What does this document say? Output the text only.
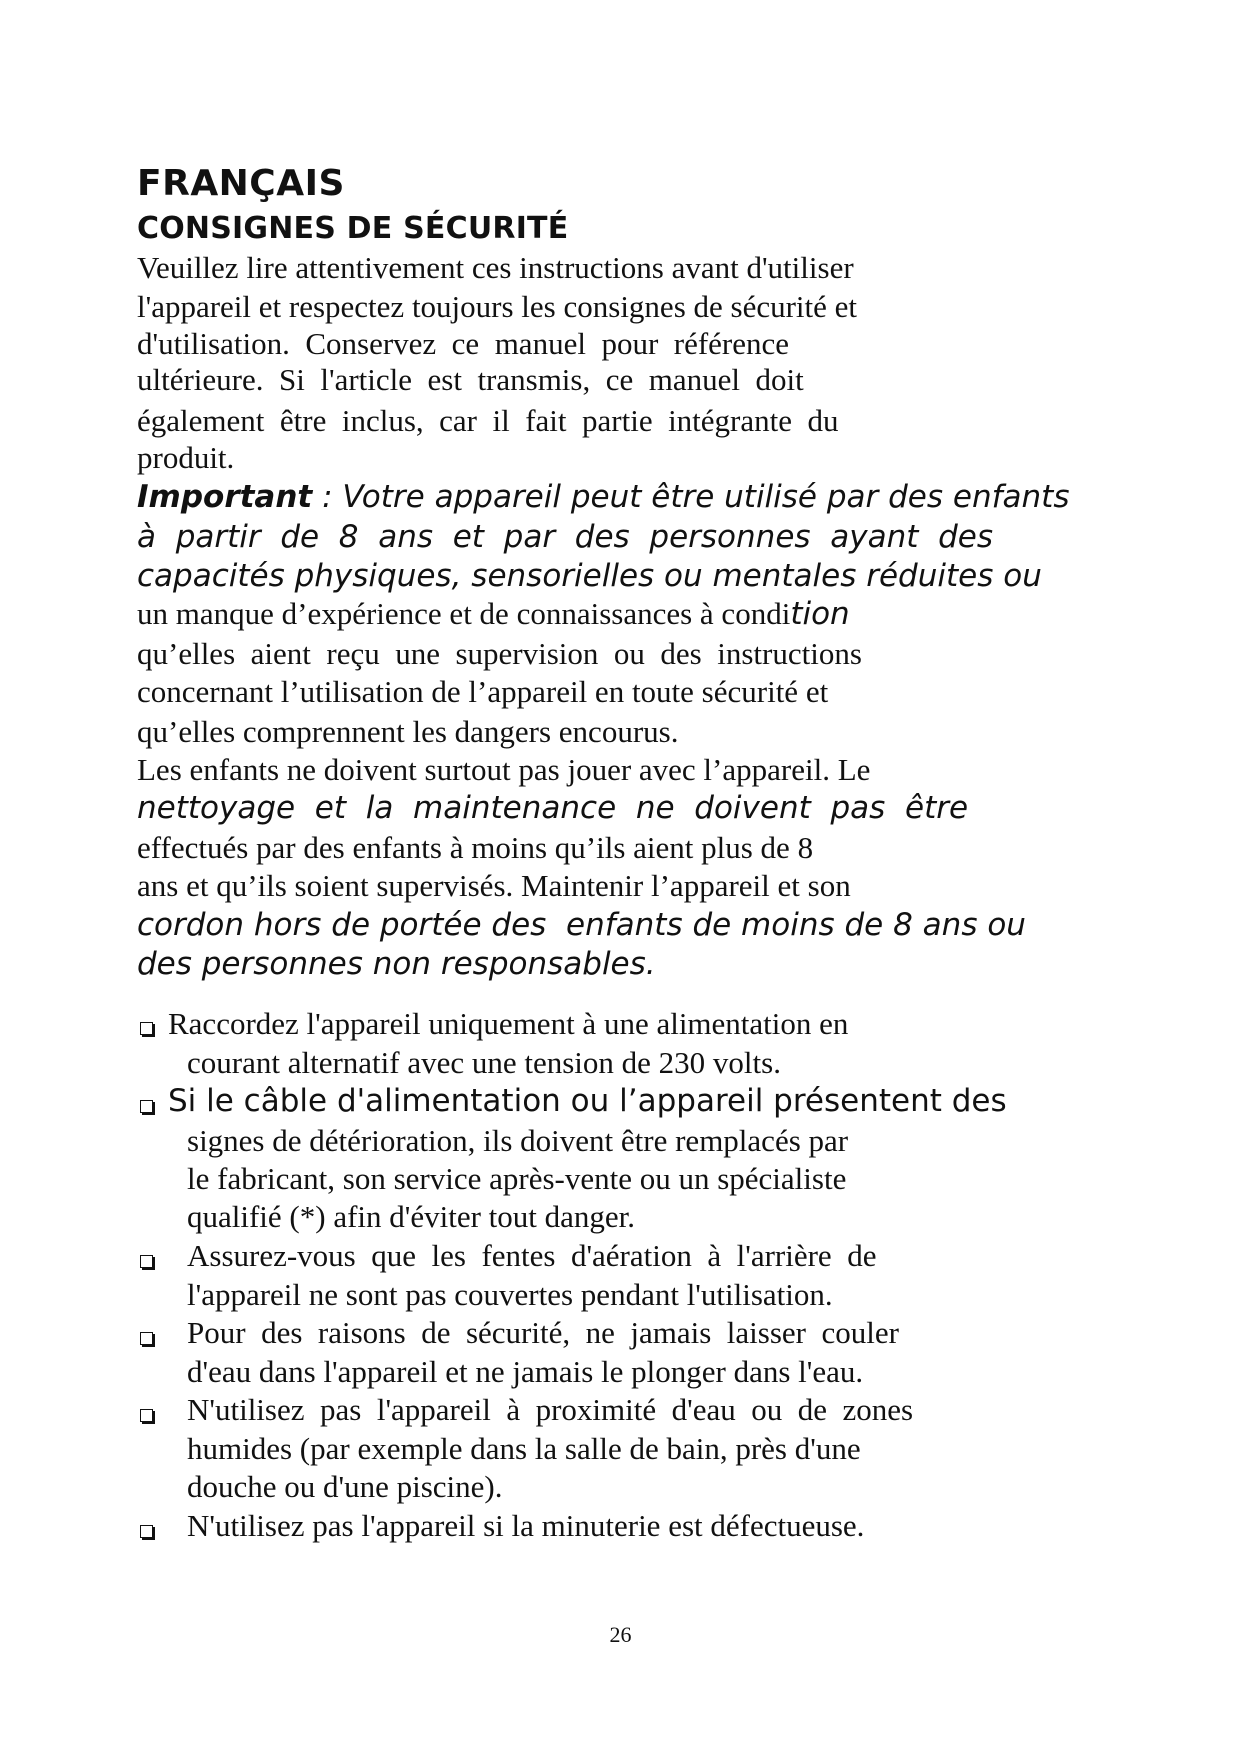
FRANÇAIS
CONSIGNES DE SÉCURITÉ
Veuillez lire attentivement ces instructions avant d'utiliser
l'appareil et respectez toujours les consignes de sécurité et
d'utilisation.  Conservez  ce  manuel  pour  référence
ultérieure.  Si  l'article  est  transmis,  ce  manuel  doit
également  être  inclus,  car  il  fait  partie  intégrante  du
produit.
Important : Votre appareil peut être utilisé par des enfants
à  partir  de  8  ans  et  par  des  personnes  ayant  des
capacités physiques, sensorielles ou mentales réduites ou
un manque d’expérience et de connaissances à condition
qu’elles  aient  reçu  une  supervision  ou  des  instructions
concernant l’utilisation de l’appareil en toute sécurité et
qu’elles comprennent les dangers encourus.
Les enfants ne doivent surtout pas jouer avec l’appareil. Le
nettoyage  et  la  maintenance  ne  doivent  pas  être
effectués par des enfants à moins qu’ils aient plus de 8
ans et qu’ils soient supervisés. Maintenir l’appareil et son
cordon hors de portée des  enfants de moins de 8 ans ou
des personnes non responsables.
Raccordez l'appareil uniquement à une alimentation en
courant alternatif avec une tension de 230 volts.
Si le câble d'alimentation ou l’appareil présentent des
signes de détérioration, ils doivent être remplacés par
le fabricant, son service après-vente ou un spécialiste
qualifié (*) afin d'éviter tout danger.
Assurez-vous  que  les  fentes  d'aération  à  l'arrière  de
l'appareil ne sont pas couvertes pendant l'utilisation.
Pour  des  raisons  de  sécurité,  ne  jamais  laisser  couler
d'eau dans l'appareil et ne jamais le plonger dans l'eau.
N'utilisez  pas  l'appareil  à  proximité  d'eau  ou  de  zones
humides (par exemple dans la salle de bain, près d'une
douche ou d'une piscine).
N'utilisez pas l'appareil si la minuterie est défectueuse.
26
